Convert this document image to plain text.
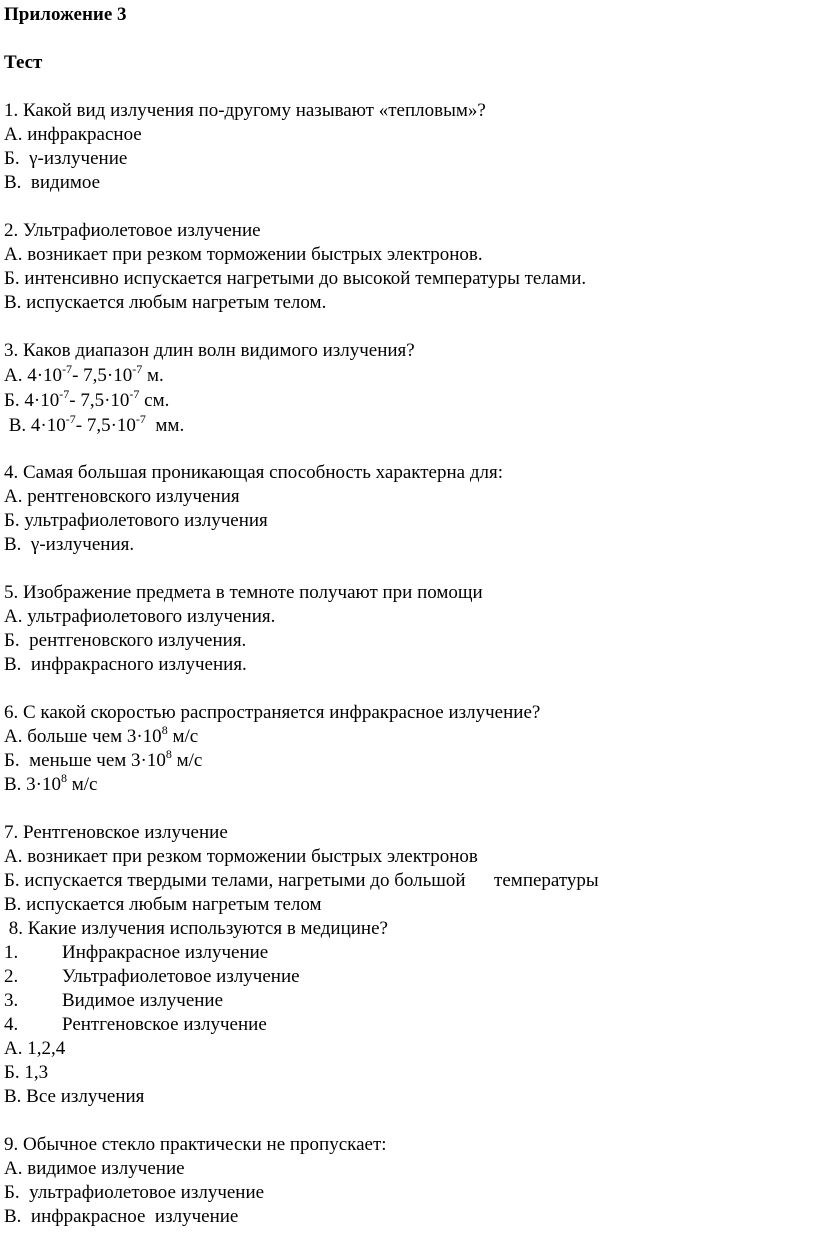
Приложение 3
Тест
1. Какой вид излучения по-другому называют «тепловым»?
А. инфракрасное
Б.  γ-излучение
В.  видимое
2. Ультрафиолетовое излучение
А. возникает при резком торможении быстрых электронов.
Б. интенсивно испускается нагретыми до высокой температуры телами.
В. испускается любым нагретым телом.
3. Каков диапазон длин волн видимого излучения?
А. $4\cdot 10^{-7}-$ $7,5\cdot 10^{-7}$ м.
Б. $4\cdot 10^{-7}-$ $7,5\cdot 10^{-7}$ см.
В. $4\cdot 10^{-7}-$ $7,5\cdot 10^{-7}$  мм.
4. Самая большая проникающая способность характерна для:
А. рентгеновского излучения
Б. ультрафиолетового излучения
В.  γ-излучения.
5. Изображение предмета в темноте получают при помощи
А. ультрафиолетового излучения.
Б.  рентгеновского излучения.
В.  инфракрасного излучения.
6. С какой скоростью распространяется инфракрасное излучение?
А. больше чем $3\cdot 10^8$ м/с
Б.  меньше чем $3\cdot 10^8$ м/с
В. $3\cdot 10^8$ м/с
7. Рентгеновское излучение
А. возникает при резком торможении быстрых электронов
Б. испускается твердыми телами, нагретыми до большой      температуры
В. испускается любым нагретым телом
8. Какие излучения используются в медицине?
1. Инфракрасное излучение
2. Ультрафиолетовое излучение
3. Видимое излучение
4. Рентгеновское излучение
А. 1,2,4
Б. 1,3
В. Все излучения
9. Обычное стекло практически не пропускает:
А. видимое излучение
Б.  ультрафиолетовое излучение
В.  инфракрасное  излучение
